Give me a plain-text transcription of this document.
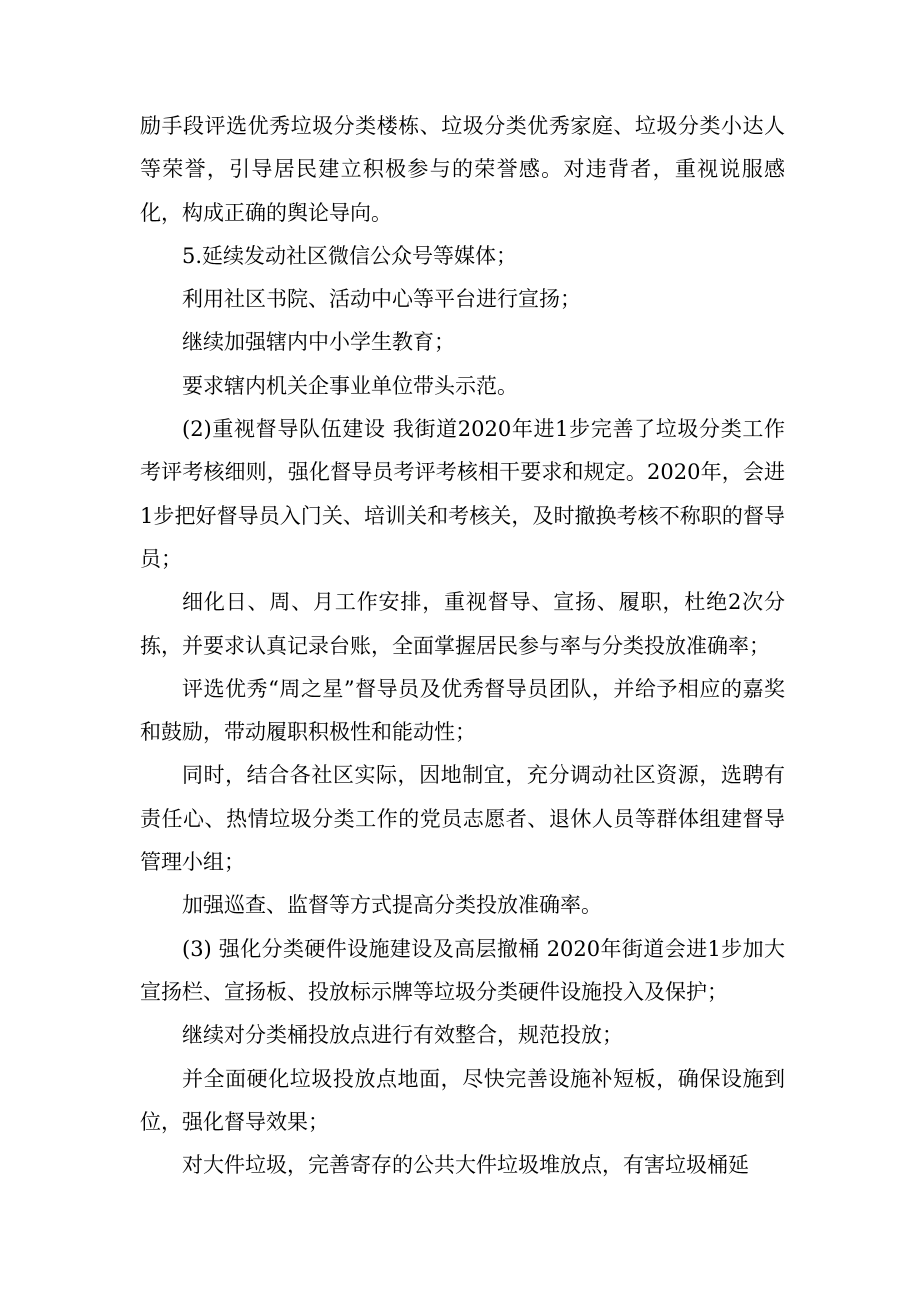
励手段评选优秀垃圾分类楼栋、垃圾分类优秀家庭、垃圾分类小达人等荣誉，引导居民建立积极参与的荣誉感。对违背者，重视说服感化，构成正确的舆论导向。

5.延续发动社区微信公众号等媒体；

利用社区书院、活动中心等平台进行宣扬；

继续加强辖内中小学生教育；

要求辖内机关企事业单位带头示范。

(2)重视督导队伍建设 我街道2020年进1步完善了垃圾分类工作考评考核细则，强化督导员考评考核相干要求和规定。2020年，会进1步把好督导员入门关、培训关和考核关，及时撤换考核不称职的督导员；

细化日、周、月工作安排，重视督导、宣扬、履职，杜绝2次分拣，并要求认真记录台账，全面掌握居民参与率与分类投放准确率；

评选优秀“周之星”督导员及优秀督导员团队，并给予相应的嘉奖和鼓励，带动履职积极性和能动性；

同时，结合各社区实际，因地制宜，充分调动社区资源，选聘有责任心、热情垃圾分类工作的党员志愿者、退休人员等群体组建督导管理小组；

加强巡查、监督等方式提高分类投放准确率。

(3) 强化分类硬件设施建设及高层撤桶 2020年街道会进1步加大宣扬栏、宣扬板、投放标示牌等垃圾分类硬件设施投入及保护；

继续对分类桶投放点进行有效整合，规范投放；

并全面硬化垃圾投放点地面，尽快完善设施补短板，确保设施到位，强化督导效果；

对大件垃圾，完善寄存的公共大件垃圾堆放点，有害垃圾桶延
